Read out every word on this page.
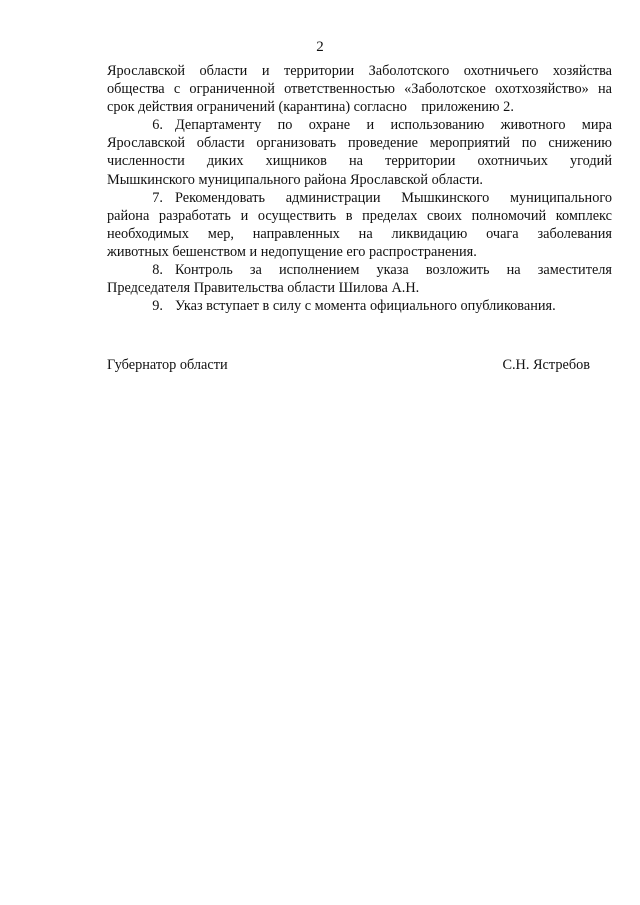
2
Ярославской области и территории Заболотского охотничьего хозяйства
общества с ограниченной ответственностью «Заболотское охотхозяйство» на
срок действия ограничений (карантина) согласно    приложению 2.
6. Департаменту по охране и использованию животного мира
Ярославской области организовать проведение мероприятий по снижению
численности диких хищников на территории охотничьих угодий
Мышкинского муниципального района Ярославской области.
7. Рекомендовать администрации Мышкинского муниципального
района разработать и осуществить в пределах своих полномочий комплекс
необходимых мер, направленных на ликвидацию очага заболевания
животных бешенством и недопущение его распространения.
8. Контроль за исполнением указа возложить на заместителя
Председателя Правительства области Шилова А.Н.
9. Указ вступает в силу с момента официального опубликования.
Губернатор области	С.Н. Ястребов
